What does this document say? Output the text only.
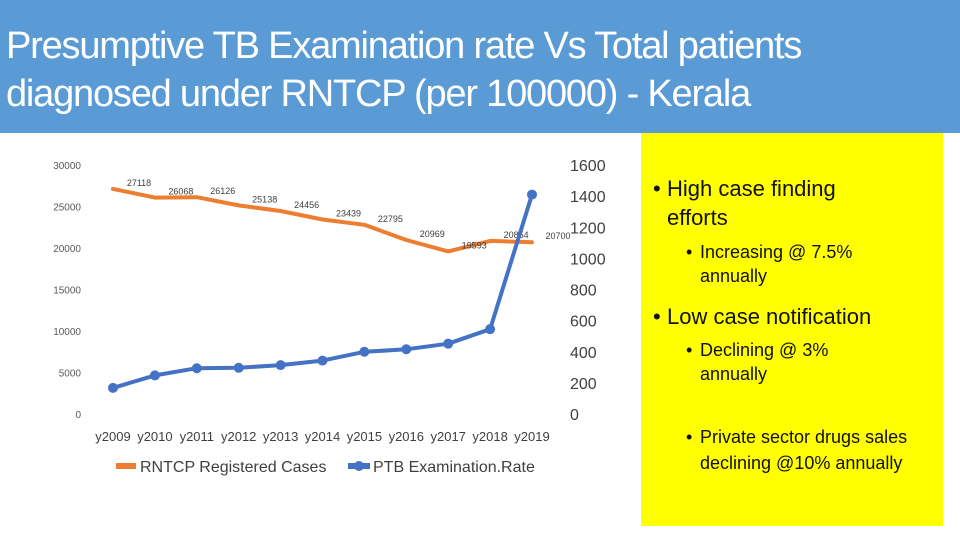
Presumptive TB Examination rate Vs Total patients
diagnosed under RNTCP (per 100000) - Kerala
30000
25000
20000
15000
10000
5000
0
1600
1400
1200
1000
800
600
400
200
0
y2009 y2010 y2011 y2012 y2013 y2014 y2015 y2016 y2017 y2018 y2019
27118
26068 26126
25138
24456
23439
22795
20969
19593
20854 20700
RNTCP Registered Cases	PTB Examination.Rate
• High case finding efforts
• Increasing @ 7.5% annually
• Low case notification
• Declining @ 3% annually
• Private sector drugs sales declining @10% annually
